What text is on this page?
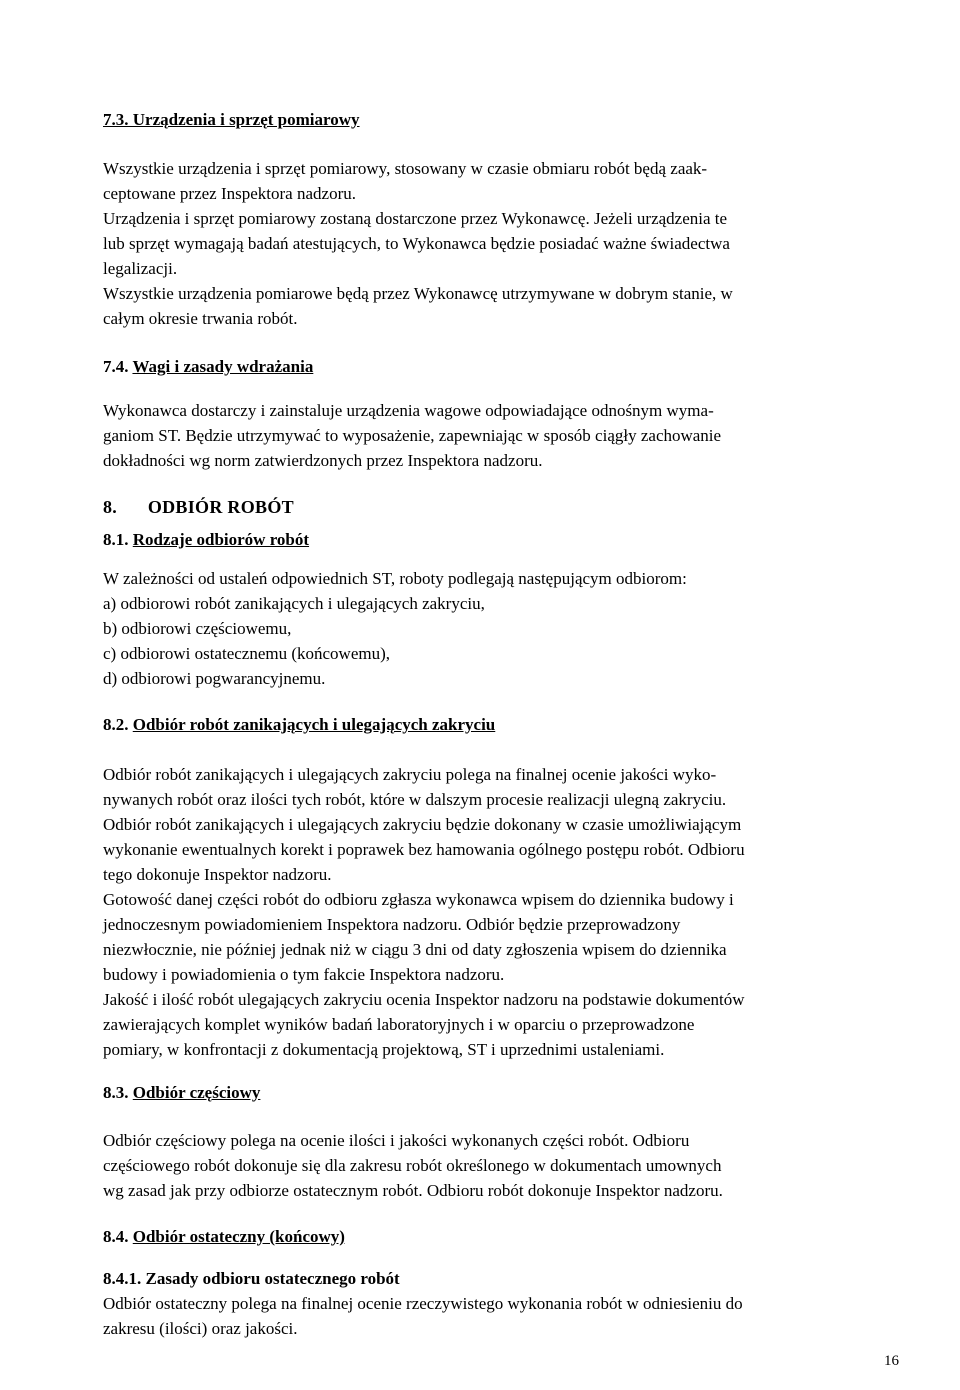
7.3. Urządzenia i sprzęt pomiarowy
Wszystkie urządzenia i sprzęt pomiarowy, stosowany w czasie obmiaru robót będą zaak-
ceptowane przez Inspektora nadzoru.
Urządzenia i sprzęt pomiarowy zostaną dostarczone przez Wykonawcę. Jeżeli urządzenia te
lub sprzęt wymagają badań atestujących, to Wykonawca będzie posiadać ważne świadectwa
legalizacji.
Wszystkie urządzenia pomiarowe będą przez Wykonawcę utrzymywane w dobrym stanie, w
całym okresie trwania robót.
7.4. Wagi i zasady wdrażania
Wykonawca dostarczy i zainstaluje urządzenia wagowe odpowiadające odnośnym wyma-
ganiom ST. Będzie utrzymywać to wyposażenie, zapewniając w sposób ciągły zachowanie
dokładności wg norm zatwierdzonych przez Inspektora nadzoru.
8. ODBIÓR ROBÓT
8.1. Rodzaje odbiorów robót
W zależności od ustaleń odpowiednich ST, roboty podlegają następującym odbiorom:
a) odbiorowi robót zanikających i ulegających zakryciu,
b) odbiorowi częściowemu,
c) odbiorowi ostatecznemu (końcowemu),
d) odbiorowi pogwarancyjnemu.
8.2. Odbiór robót zanikających i ulegających zakryciu
Odbiór robót zanikających i ulegających zakryciu polega na finalnej ocenie jakości wyko-
nywanych robót oraz ilości tych robót, które w dalszym procesie realizacji ulegną zakryciu.
Odbiór robót zanikających i ulegających zakryciu będzie dokonany w czasie umożliwiającym
wykonanie ewentualnych korekt i poprawek bez hamowania ogólnego postępu robót. Odbioru
tego dokonuje Inspektor nadzoru.
Gotowość danej części robót do odbioru zgłasza wykonawca wpisem do dziennika budowy i
jednoczesnym powiadomieniem Inspektora nadzoru. Odbiór będzie przeprowadzony
niezwłocznie, nie później jednak niż w ciągu 3 dni od daty zgłoszenia wpisem do dziennika
budowy i powiadomienia o tym fakcie Inspektora nadzoru.
Jakość i ilość robót ulegających zakryciu ocenia Inspektor nadzoru na podstawie dokumentów
zawierających komplet wyników badań laboratoryjnych i w oparciu o przeprowadzone
pomiary, w konfrontacji z dokumentacją projektową, ST i uprzednimi ustaleniami.
8.3. Odbiór częściowy
Odbiór częściowy polega na ocenie ilości i jakości wykonanych części robót. Odbioru
częściowego robót dokonuje się dla zakresu robót określonego w dokumentach umownych
wg zasad jak przy odbiorze ostatecznym robót. Odbioru robót dokonuje Inspektor nadzoru.
8.4. Odbiór ostateczny (końcowy)
8.4.1. Zasady odbioru ostatecznego robót
Odbiór ostateczny polega na finalnej ocenie rzeczywistego wykonania robót w odniesieniu do
zakresu (ilości) oraz jakości.
16
